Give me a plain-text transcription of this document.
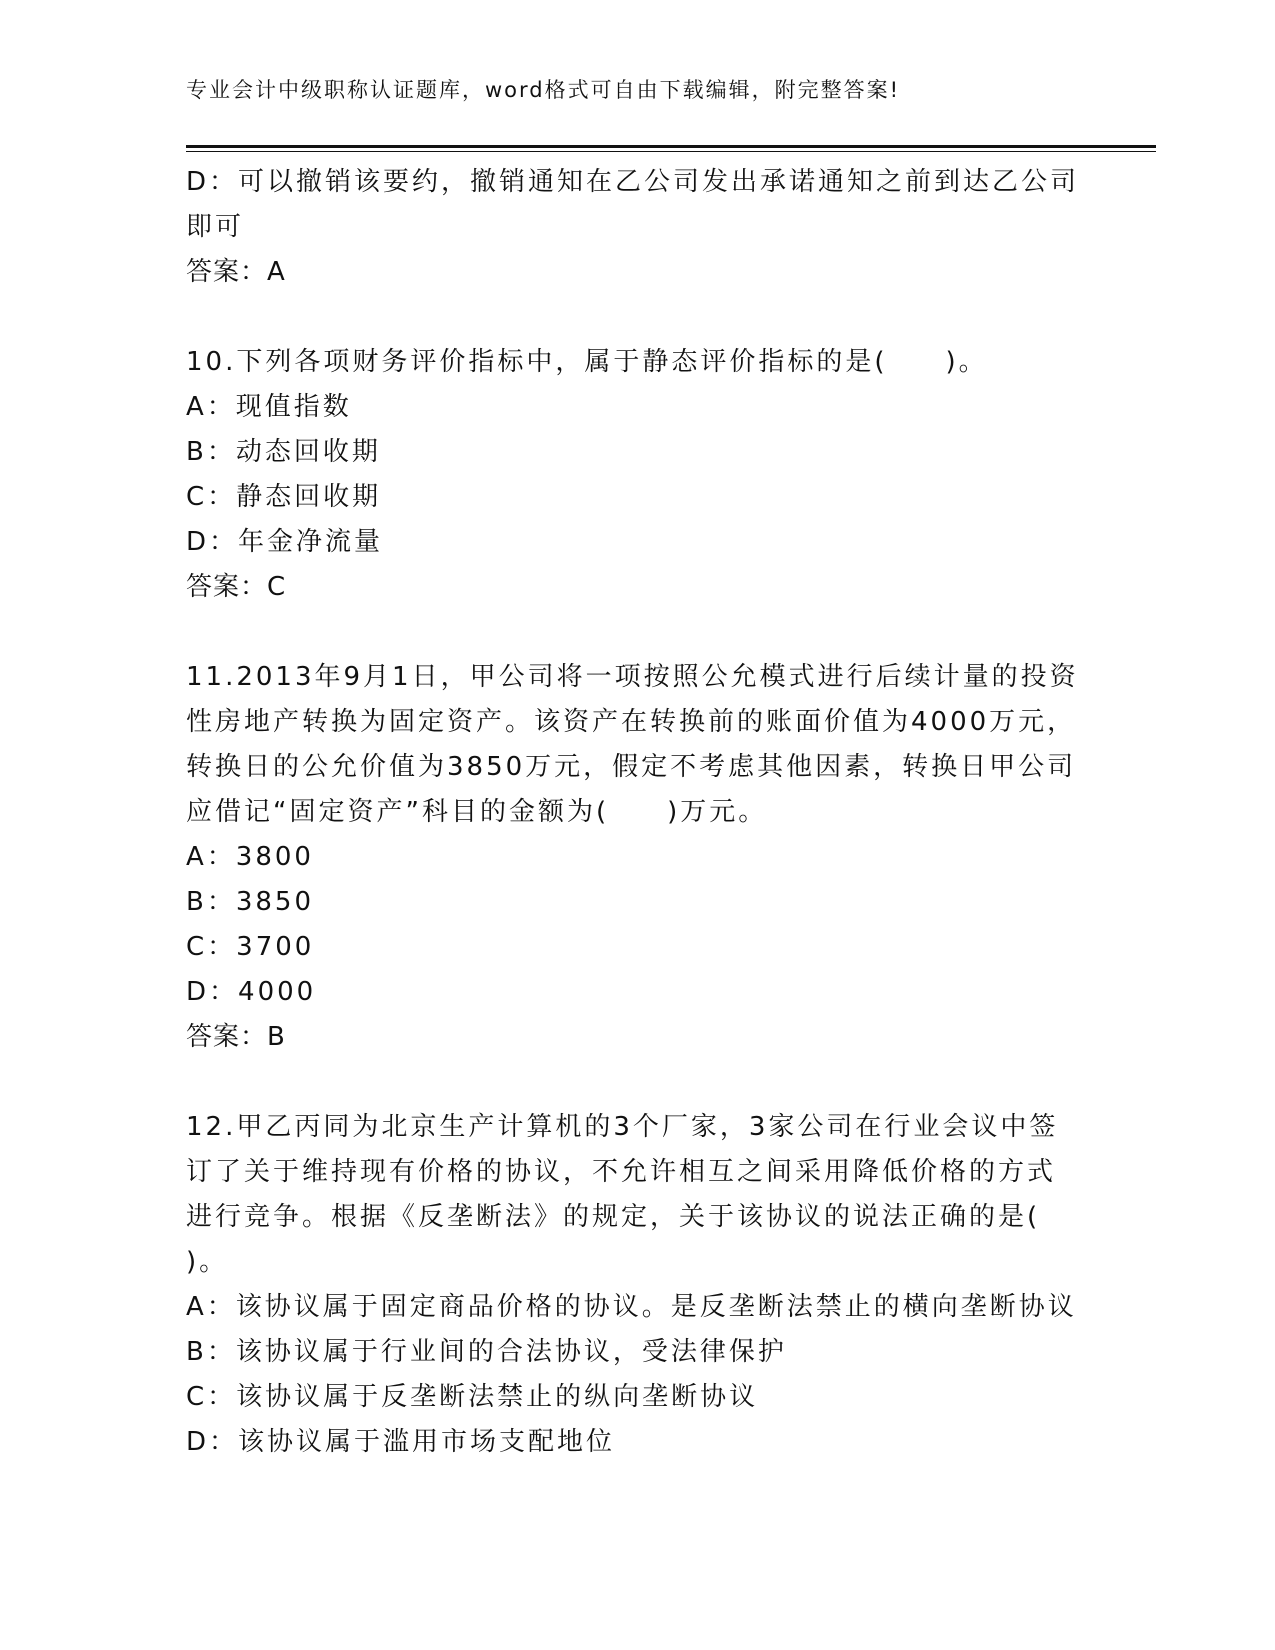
专业会计中级职称认证题库，word格式可自由下载编辑，附完整答案!
D：可以撤销该要约，撤销通知在乙公司发出承诺通知之前到达乙公司
即可
答案：A
10.下列各项财务评价指标中，属于静态评价指标的是(　　)。
A：现值指数
B：动态回收期
C：静态回收期
D：年金净流量
答案：C
11.2013年9月1日，甲公司将一项按照公允模式进行后续计量的投资
性房地产转换为固定资产。该资产在转换前的账面价值为4000万元，
转换日的公允价值为3850万元，假定不考虑其他因素，转换日甲公司
应借记“固定资产”科目的金额为(　　)万元。
A：3800
B：3850
C：3700
D：4000
答案：B
12.甲乙丙同为北京生产计算机的3个厂家，3家公司在行业会议中签
订了关于维持现有价格的协议，不允许相互之间采用降低价格的方式
进行竞争。根据《反垄断法》的规定，关于该协议的说法正确的是(
)。
A：该协议属于固定商品价格的协议。是反垄断法禁止的横向垄断协议
B：该协议属于行业间的合法协议，受法律保护
C：该协议属于反垄断法禁止的纵向垄断协议
D：该协议属于滥用市场支配地位
